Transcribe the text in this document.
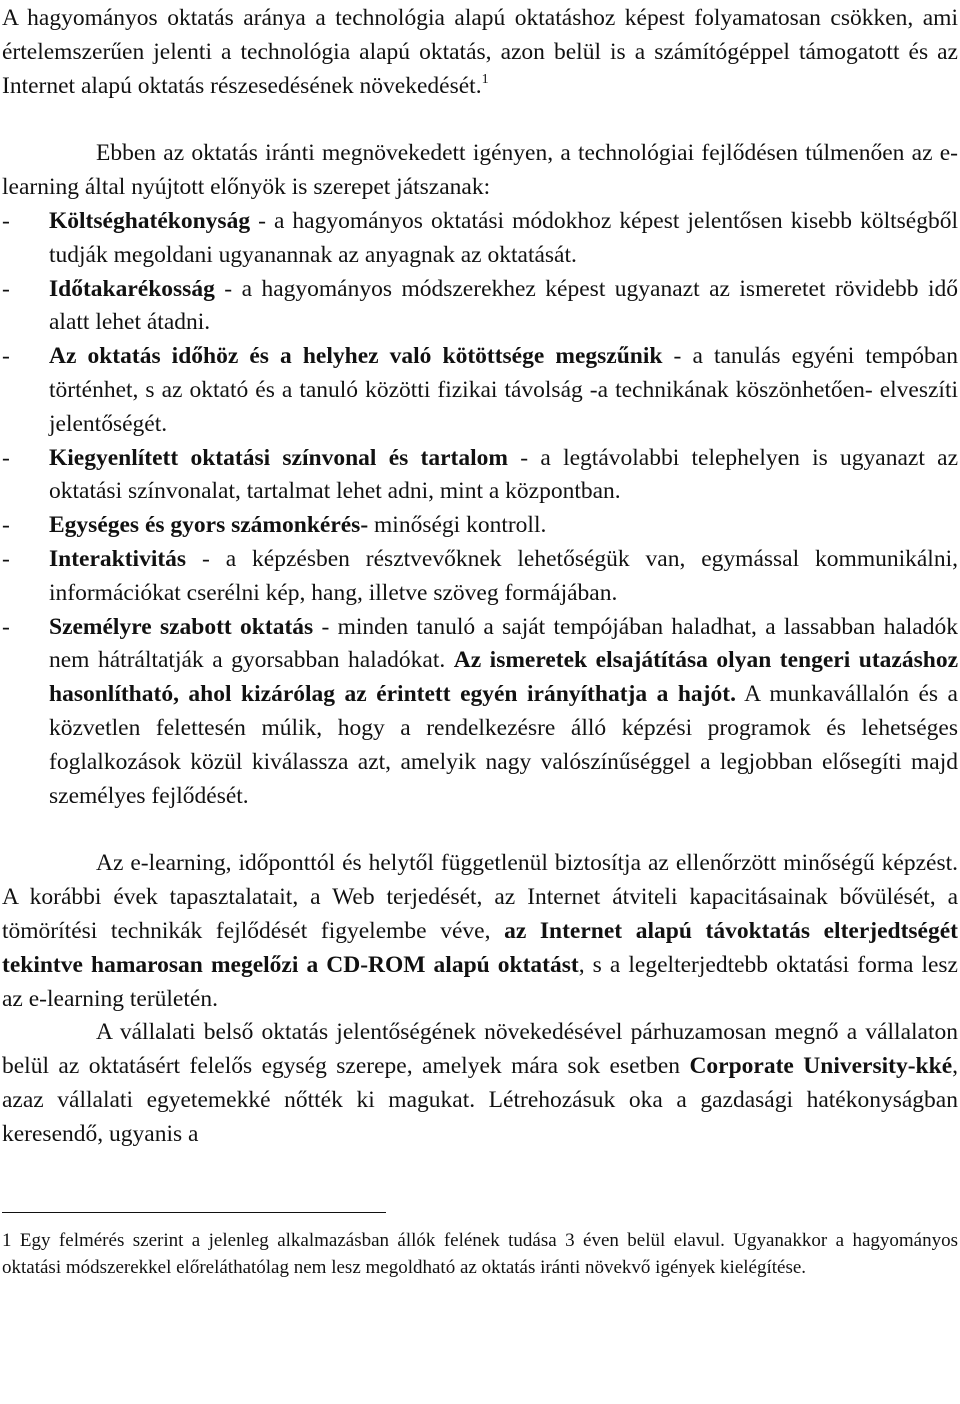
A hagyományos oktatás aránya a technológia alapú oktatáshoz képest folyamatosan csökken, ami értelemszerűen jelenti a technológia alapú oktatás, azon belül is a számítógéppel támogatott és az Internet alapú oktatás részesedésének növekedését.$^1$

Ebben az oktatás iránti megnövekedett igényen, a technológiai fejlődésen túlmenően az e-learning által nyújtott előnyök is szerepet játszanak:

-	Költséghatékonyság - a hagyományos oktatási módokhoz képest jelentősen kisebb költségből tudják megoldani ugyanannak az anyagnak az oktatását.
-	Időtakarékosság - a hagyományos módszerekhez képest ugyanazt az ismeretet rövidebb idő alatt lehet átadni.
-	Az oktatás időhöz és a helyhez való kötöttsége megszűnik - a tanulás egyéni tempóban történhet, s az oktató és a tanuló közötti fizikai távolság -a technikának köszönhetően- elveszíti jelentőségét.
-	Kiegyenlített oktatási színvonal és tartalom - a legtávolabbi telephelyen is ugyanazt az oktatási színvonalat, tartalmat lehet adni, mint a központban.
-	Egységes és gyors számonkérés- minőségi kontroll.
-	Interaktivitás - a képzésben résztvevőknek lehetőségük van, egymással kommunikálni, információkat cserélni kép, hang, illetve szöveg formájában.
-	Személyre szabott oktatás - minden tanuló a saját tempójában haladhat, a lassabban haladók nem hátráltatják a gyorsabban haladókat. Az ismeretek elsajátítása olyan tengeri utazáshoz hasonlítható, ahol kizárólag az érintett egyén irányíthatja a hajót. A munkavállalón és a közvetlen felettesén múlik, hogy a rendelkezésre álló képzési programok és lehetséges foglalkozások közül kiválassza azt, amelyik nagy valószínűséggel a legjobban elősegíti majd személyes fejlődését.

Az e-learning, időponttól és helytől függetlenül biztosítja az ellenőrzött minőségű képzést. A korábbi évek tapasztalatait, a Web terjedését, az Internet átviteli kapacitásainak bővülését, a tömörítési technikák fejlődését figyelembe véve, az Internet alapú távoktatás elterjedtségét tekintve hamarosan megelőzi a CD-ROM alapú oktatást, s a legelterjedtebb oktatási forma lesz az e-learning területén.

A vállalati belső oktatás jelentőségének növekedésével párhuzamosan megnő a vállalaton belül az oktatásért felelős egység szerepe, amelyek mára sok esetben Corporate University-kké, azaz vállalati egyetemekké nőtték ki magukat. Létrehozásuk oka a gazdasági hatékonyságban keresendő, ugyanis a

1 Egy felmérés szerint a jelenleg alkalmazásban állók felének tudása 3 éven belül elavul. Ugyanakkor a hagyományos oktatási módszerekkel előreláthatólag nem lesz megoldható az oktatás iránti növekvő igények kielégítése.
